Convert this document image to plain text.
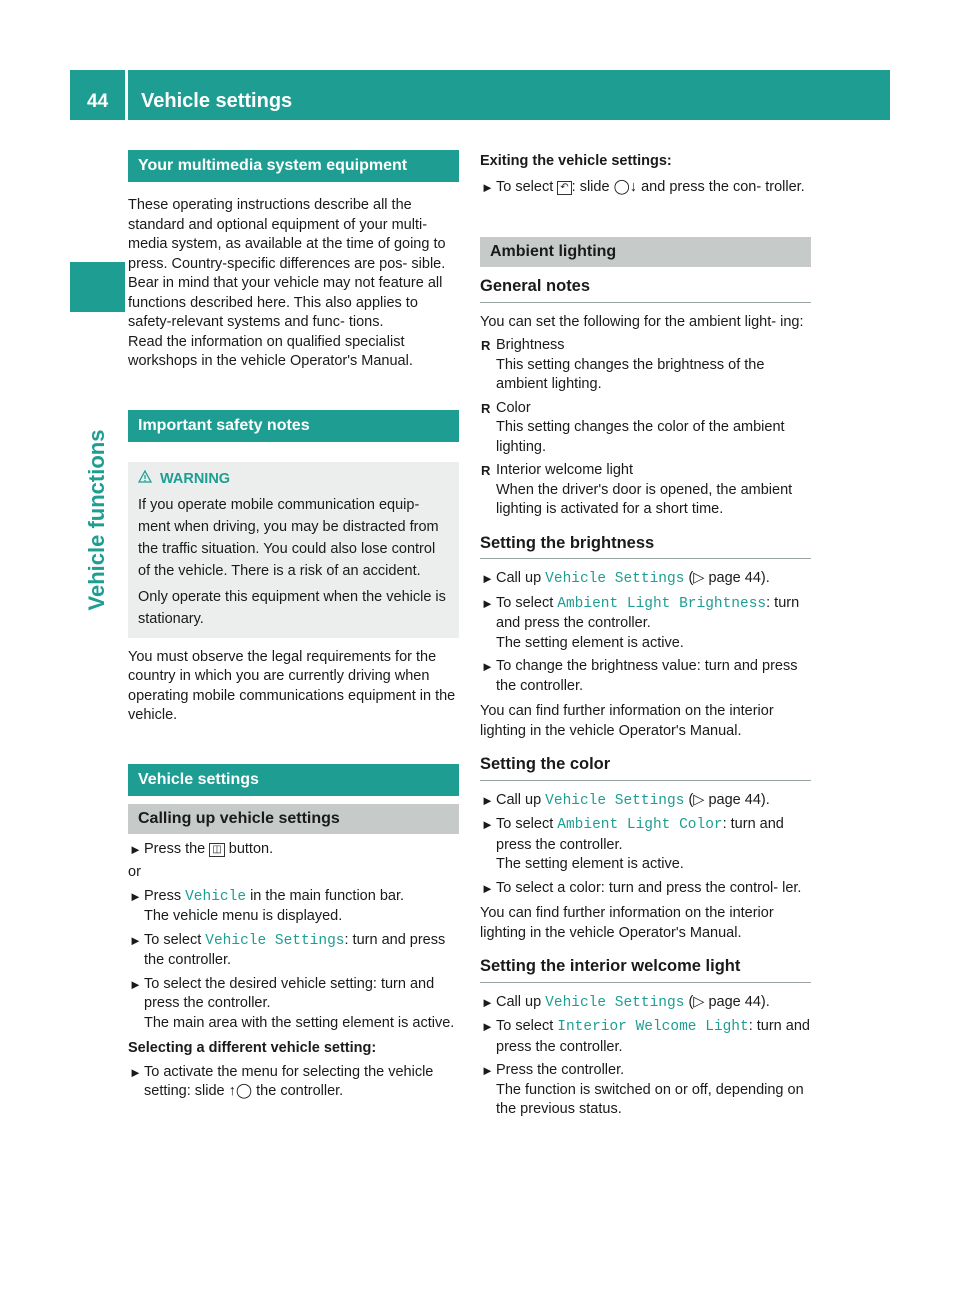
44 Vehicle settings
Vehicle functions
Your multimedia system equipment

These operating instructions describe all the standard and optional equipment of your multi- media system, as available at the time of going to press. Country-specific differences are pos- sible. Bear in mind that your vehicle may not feature all functions described here. This also applies to safety-relevant systems and func- tions.

Read the information on qualified specialist workshops in the vehicle Operator's Manual.

Important safety notes
WARNING

If you operate mobile communication equip- ment when driving, you may be distracted from the traffic situation. You could also lose control of the vehicle. There is a risk of an accident.

Only operate this equipment when the vehicle is stationary.

You must observe the legal requirements for the country in which you are currently driving when operating mobile communications equipment in the vehicle.

Vehicle settings
Calling up vehicle settings
► Press the ◫ button.

or

► Press Vehicle in the main function bar.
The vehicle menu is displayed.
► To select Vehicle Settings: turn and press the controller.
► To select the desired vehicle setting: turn and press the controller.
The main area with the setting element is active.

Selecting a different vehicle setting:

► To activate the menu for selecting the vehicle setting: slide ↑◯ the controller.

Exiting the vehicle settings:

► To select ↶ : slide ◯↓ and press the con- troller.
Ambient lighting
General notes

You can set the following for the ambient light- ing:

R Brightness
This setting changes the brightness of the ambient lighting.
R Color
This setting changes the color of the ambient lighting.
R Interior welcome light
When the driver's door is opened, the ambient lighting is activated for a short time.
Setting the brightness
► Call up Vehicle Settings (▷ page 44).
► To select Ambient Light Brightness: turn and press the controller.
The setting element is active.
► To change the brightness value: turn and press the controller.

You can find further information on the interior lighting in the vehicle Operator's Manual.

Setting the color
► Call up Vehicle Settings (▷ page 44).
► To select Ambient Light Color: turn and press the controller.
The setting element is active.
► To select a color: turn and press the control- ler.

You can find further information on the interior lighting in the vehicle Operator's Manual.

Setting the interior welcome light
► Call up Vehicle Settings (▷ page 44).
► To select Interior Welcome Light: turn and press the controller.
► Press the controller.
The function is switched on or off, depending on the previous status.
